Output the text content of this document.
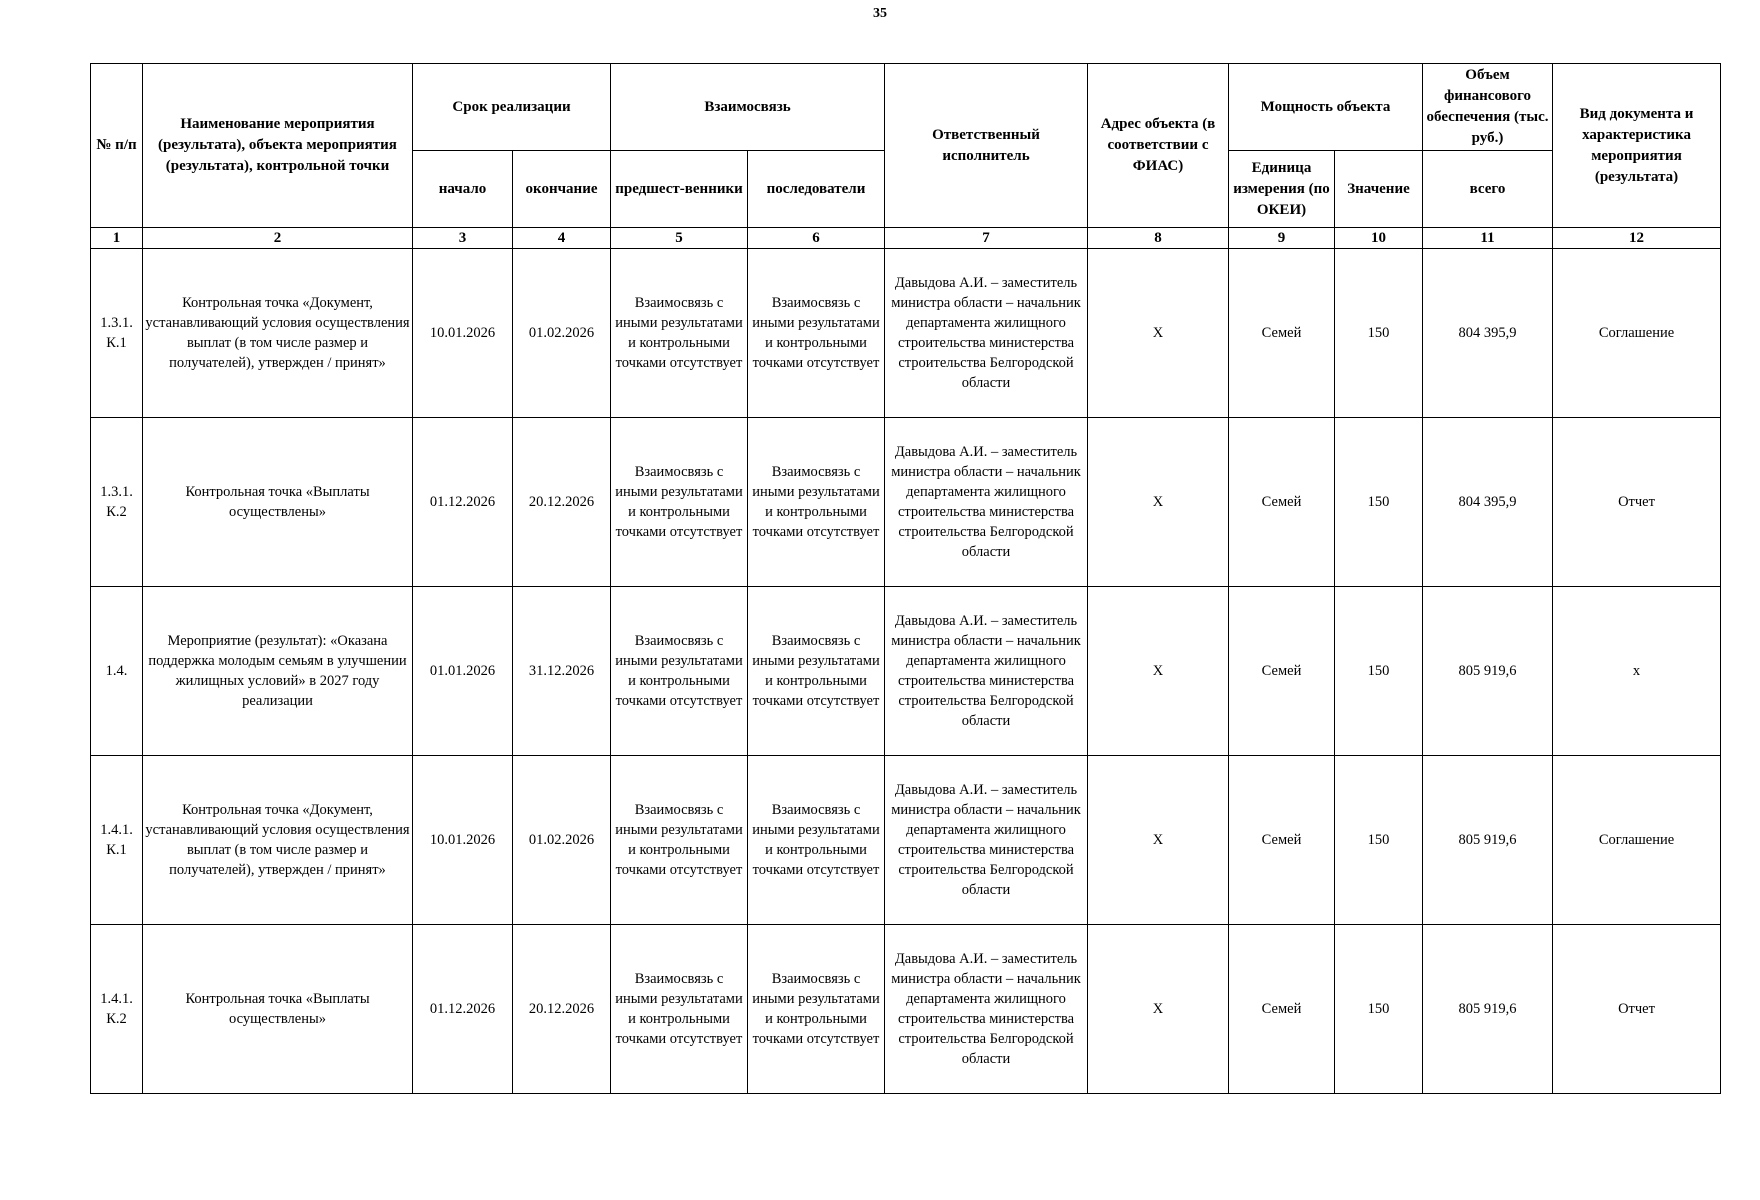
35
№ п/п	Наименование мероприятия (результата), объекта мероприятия (результата), контрольной точки	Срок реализации		Взаимосвязь		Ответственный исполнитель	Адрес объекта (в соответствии с ФИАС)	Мощность объекта		Объем финансового обеспечения (тыс. руб.)	Вид документа и характеристика мероприятия (результата)
		начало	окончание	предшест-венники	последователи			Единица измерения (по ОКЕИ)	Значение	всего	
1	2	3	4	5	6	7	8	9	10	11	12
1.3.1. К.1	Контрольная точка «Документ, устанавливающий условия осуществления выплат (в том числе размер и получателей), утвержден / принят»	10.01.2026	01.02.2026	Взаимосвязь с иными результатами и контрольными точками отсутствует	Взаимосвязь с иными результатами и контрольными точками отсутствует	Давыдова А.И. – заместитель министра области – начальник департамента жилищного строительства министерства строительства Белгородской области	X	Семей	150	804 395,9	Соглашение
1.3.1. К.2	Контрольная точка «Выплаты осуществлены»	01.12.2026	20.12.2026	Взаимосвязь с иными результатами и контрольными точками отсутствует	Взаимосвязь с иными результатами и контрольными точками отсутствует	Давыдова А.И. – заместитель министра области – начальник департамента жилищного строительства министерства строительства Белгородской области	X	Семей	150	804 395,9	Отчет
1.4.	Мероприятие (результат): «Оказана поддержка молодым семьям в улучшении жилищных условий» в 2027 году реализации	01.01.2026	31.12.2026	Взаимосвязь с иными результатами и контрольными точками отсутствует	Взаимосвязь с иными результатами и контрольными точками отсутствует	Давыдова А.И. – заместитель министра области – начальник департамента жилищного строительства министерства строительства Белгородской области	X	Семей	150	805 919,6	x
1.4.1. К.1	Контрольная точка «Документ, устанавливающий условия осуществления выплат (в том числе размер и получателей), утвержден / принят»	10.01.2026	01.02.2026	Взаимосвязь с иными результатами и контрольными точками отсутствует	Взаимосвязь с иными результатами и контрольными точками отсутствует	Давыдова А.И. – заместитель министра области – начальник департамента жилищного строительства министерства строительства Белгородской области	X	Семей	150	805 919,6	Соглашение
1.4.1. К.2	Контрольная точка «Выплаты осуществлены»	01.12.2026	20.12.2026	Взаимосвязь с иными результатами и контрольными точками отсутствует	Взаимосвязь с иными результатами и контрольными точками отсутствует	Давыдова А.И. – заместитель министра области – начальник департамента жилищного строительства министерства строительства Белгородской области	X	Семей	150	805 919,6	Отчет
